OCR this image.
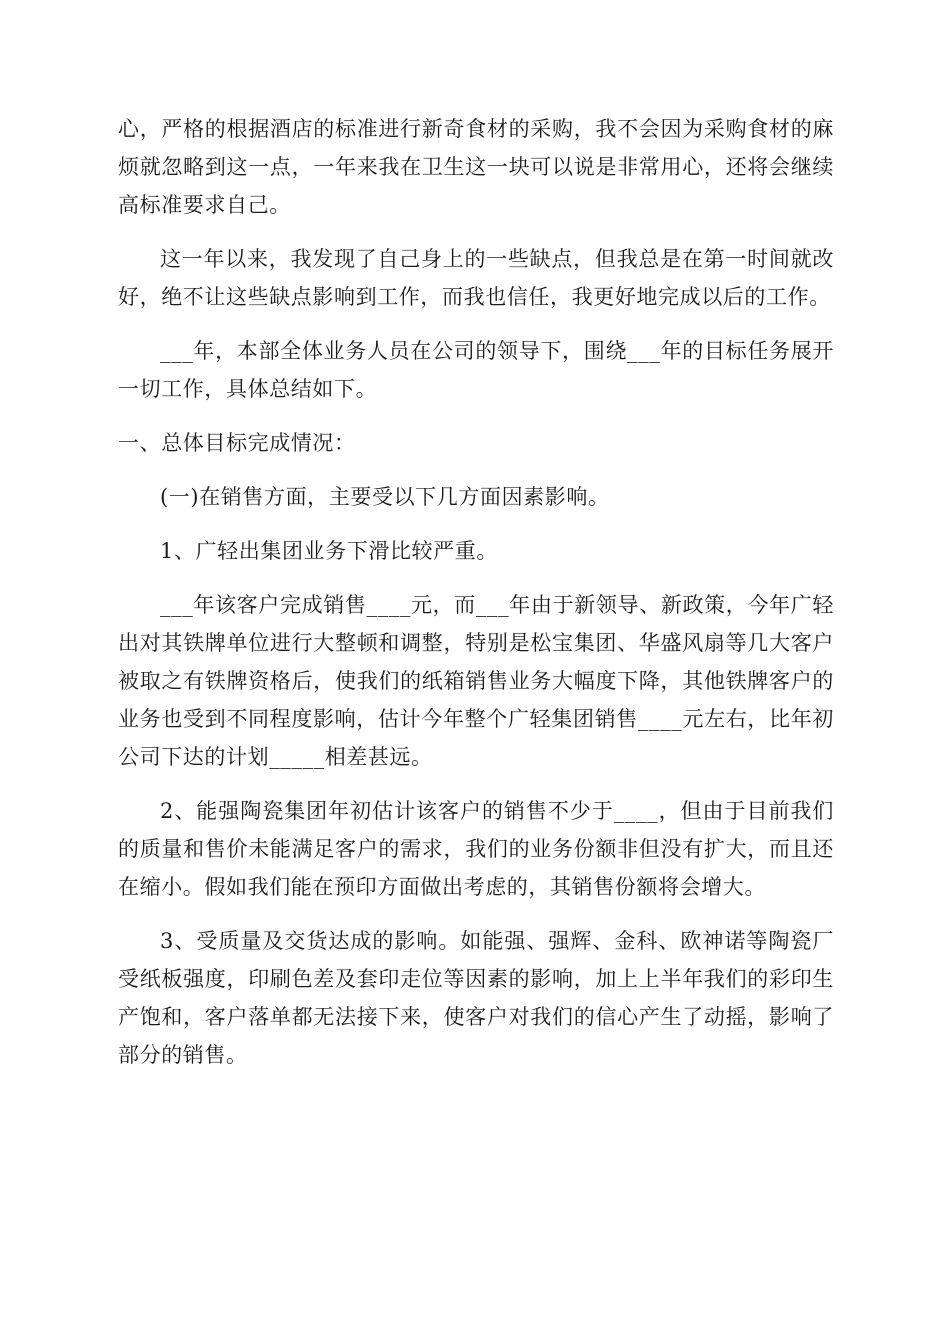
心，严格的根据酒店的标准进行新奇食材的采购，我不会因为采购食材的麻烦就忽略到这一点，一年来我在卫生这一块可以说是非常用心，还将会继续高标准要求自己。

这一年以来，我发现了自己身上的一些缺点，但我总是在第一时间就改好，绝不让这些缺点影响到工作，而我也信任，我更好地完成以后的工作。

___年，本部全体业务人员在公司的领导下，围绕___年的目标任务展开一切工作，具体总结如下。

一、总体目标完成情况：

(一)在销售方面，主要受以下几方面因素影响。

1、广轻出集团业务下滑比较严重。

___年该客户完成销售____元，而___年由于新领导、新政策，今年广轻出对其铁牌单位进行大整顿和调整，特别是松宝集团、华盛风扇等几大客户被取之有铁牌资格后，使我们的纸箱销售业务大幅度下降，其他铁牌客户的业务也受到不同程度影响，估计今年整个广轻集团销售____元左右，比年初公司下达的计划_____相差甚远。

2、能强陶瓷集团年初估计该客户的销售不少于____，但由于目前我们的质量和售价未能满足客户的需求，我们的业务份额非但没有扩大，而且还在缩小。假如我们能在预印方面做出考虑的，其销售份额将会增大。

3、受质量及交货达成的影响。如能强、强辉、金科、欧神诺等陶瓷厂受纸板强度，印刷色差及套印走位等因素的影响，加上上半年我们的彩印生产饱和，客户落单都无法接下来，使客户对我们的信心产生了动摇，影响了部分的销售。
